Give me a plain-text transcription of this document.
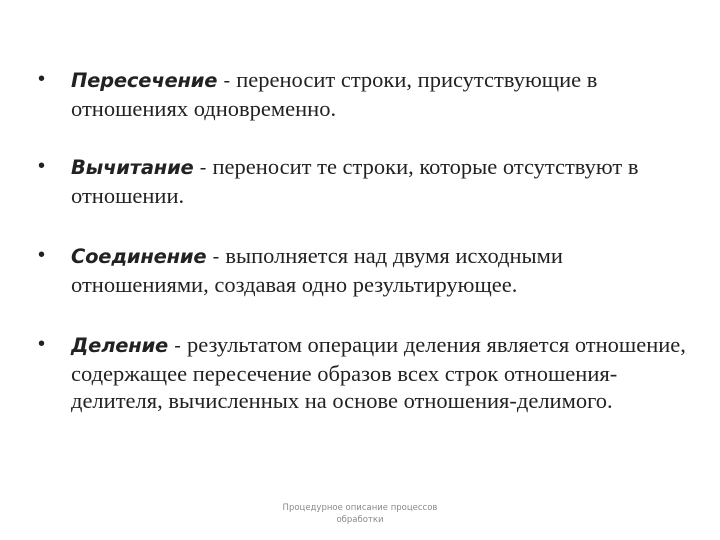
• Пересечение - переносит строки, присутствующие в отношениях одновременно.
• Вычитание - переносит те строки, которые отсутствуют в отношении.
• Соединение - выполняется над двумя исходными отношениями, создавая одно результирующее.
• Деление - результатом операции деления является отношение, содержащее пересечение образов всех строк отношения-делителя, вычисленных на основе отношения-делимого.
Процедурное описание процессов
обработки
